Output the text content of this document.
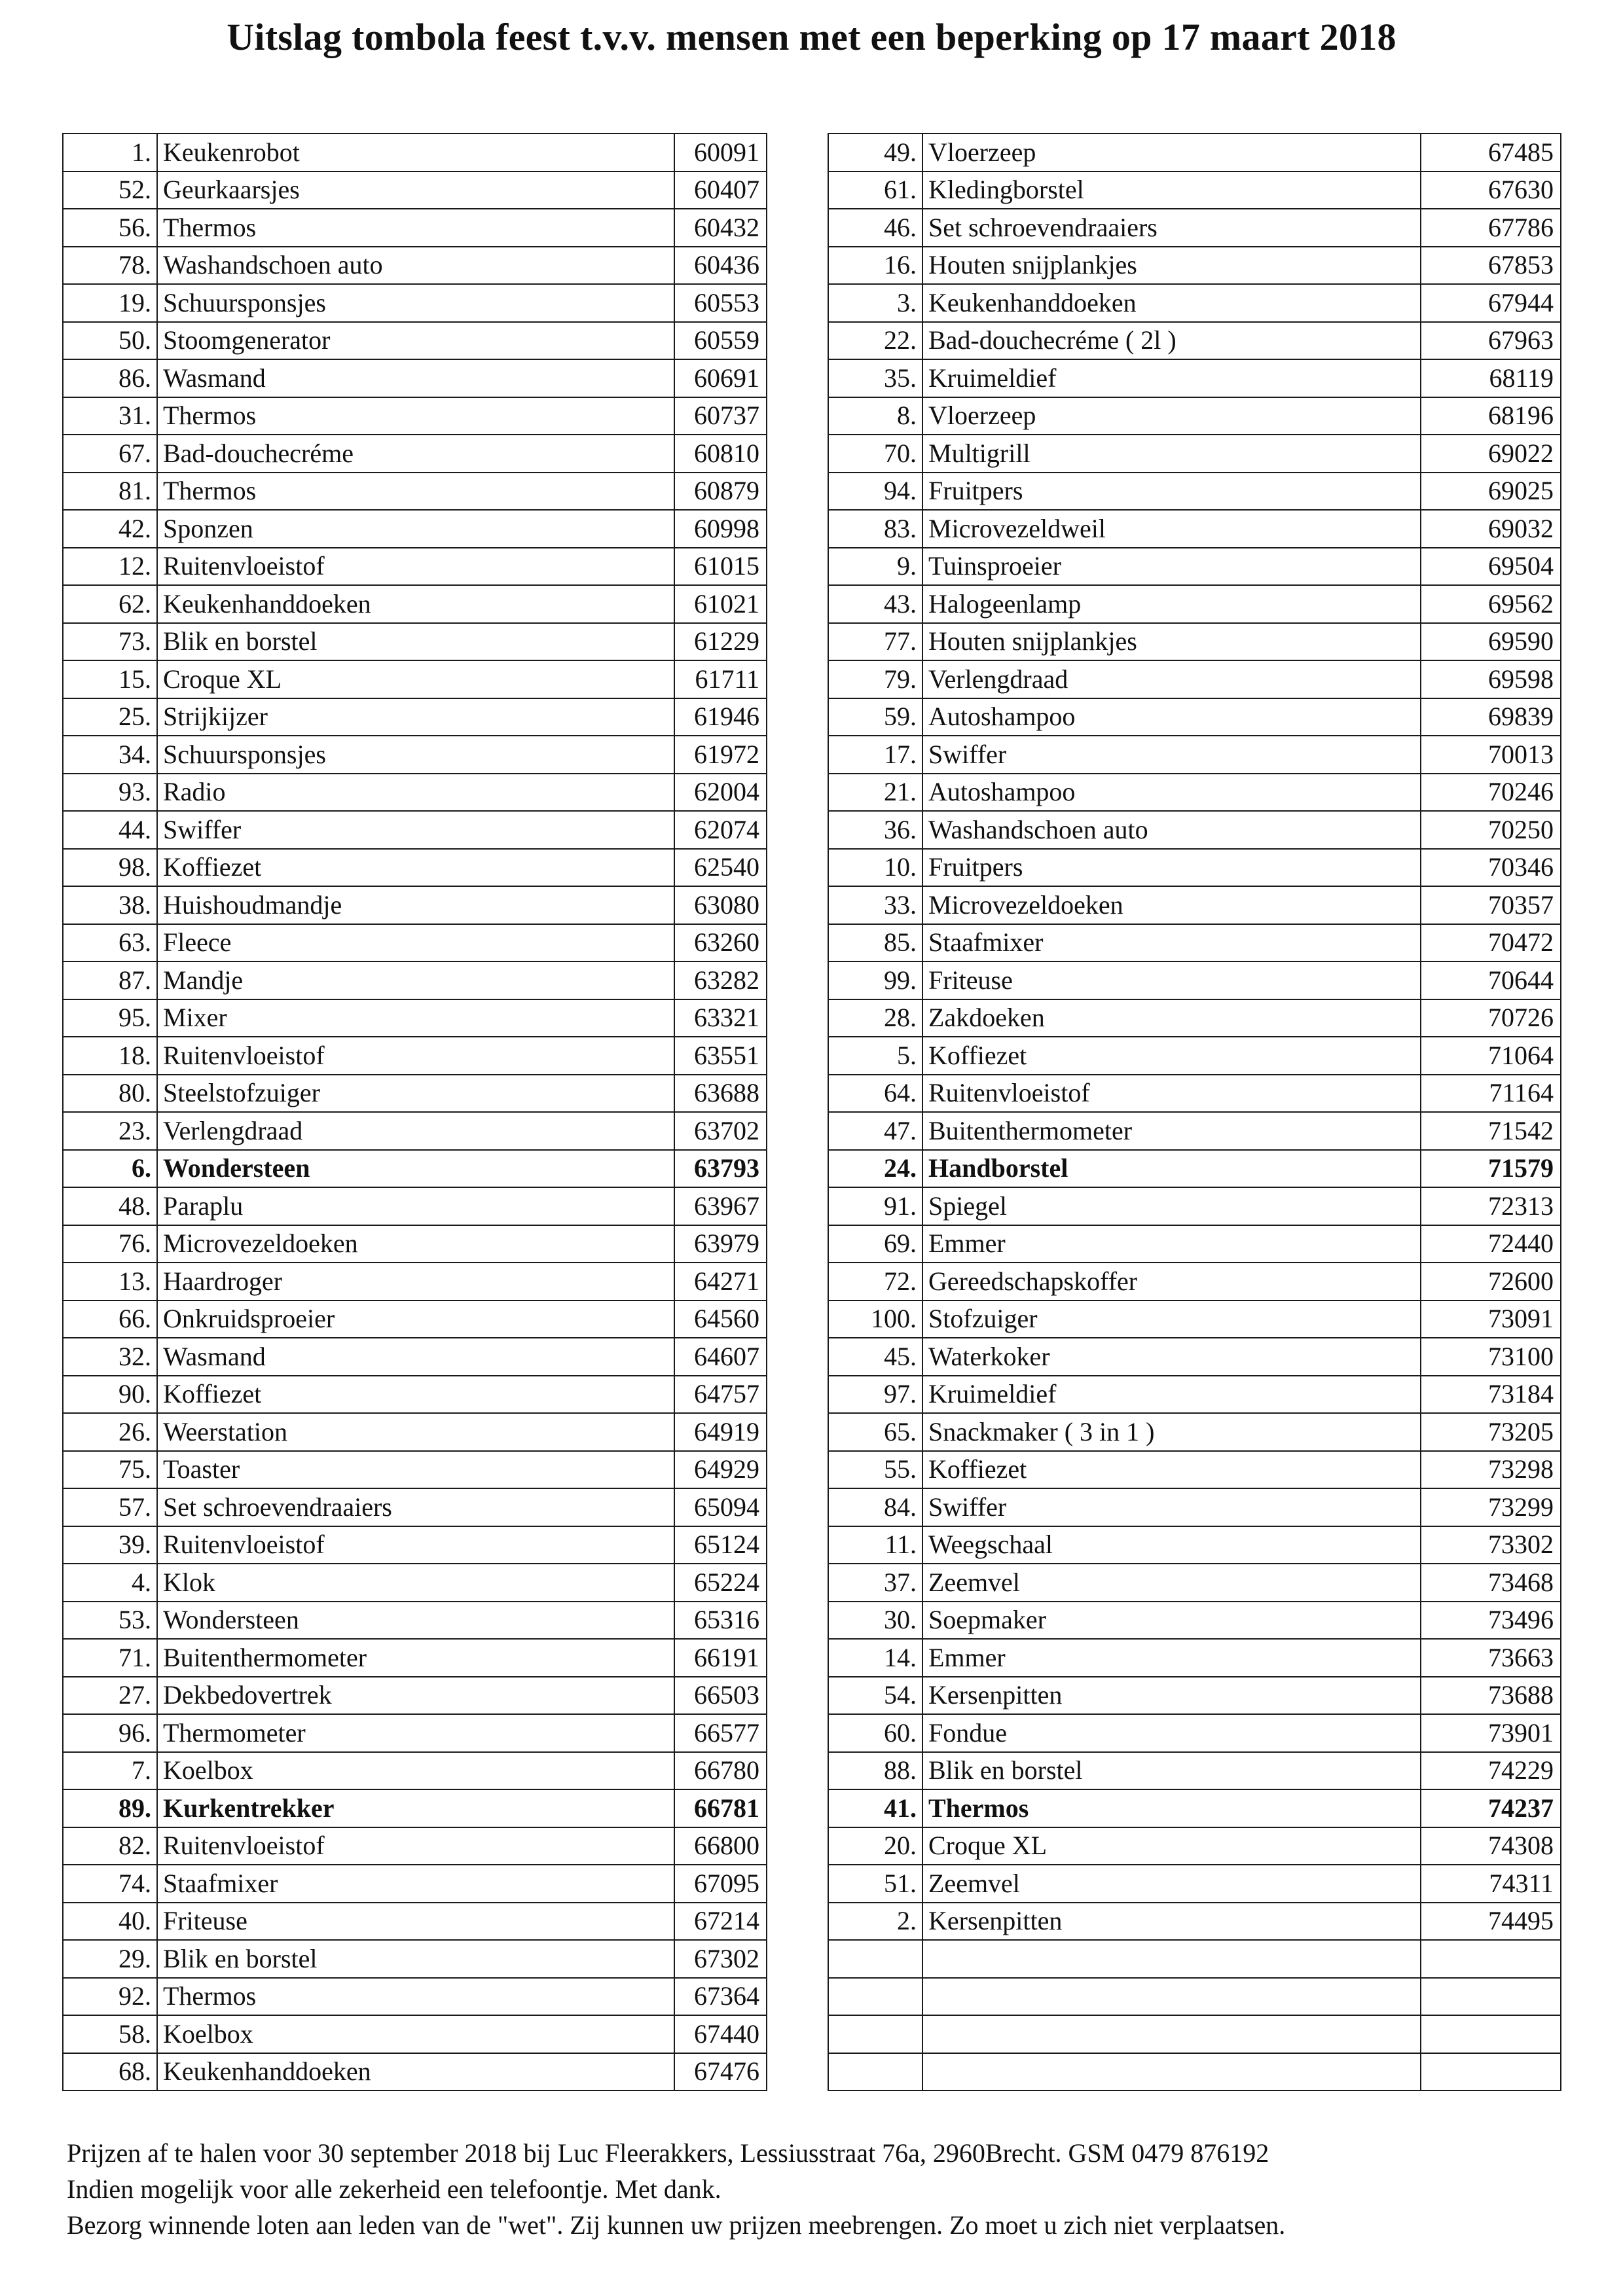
Uitslag tombola feest t.v.v. mensen met een beperking op 17 maart 2018
1.	Keukenrobot	60091		49.	Vloerzeep	67485
52.	Geurkaarsjes	60407		61.	Kledingborstel	67630
56.	Thermos	60432		46.	Set schroevendraaiers	67786
78.	Washandschoen auto	60436		16.	Houten snijplankjes	67853
19.	Schuursponsjes	60553		3.	Keukenhanddoeken	67944
50.	Stoomgenerator	60559		22.	Bad-douchecréme ( 2l )	67963
86.	Wasmand	60691		35.	Kruimeldief	68119
31.	Thermos	60737		8.	Vloerzeep	68196
67.	Bad-douchecréme	60810		70.	Multigrill	69022
81.	Thermos	60879		94.	Fruitpers	69025
42.	Sponzen	60998		83.	Microvezeldweil	69032
12.	Ruitenvloeistof	61015		9.	Tuinsproeier	69504
62.	Keukenhanddoeken	61021		43.	Halogeenlamp	69562
73.	Blik en borstel	61229		77.	Houten snijplankjes	69590
15.	Croque XL	61711		79.	Verlengdraad	69598
25.	Strijkijzer	61946		59.	Autoshampoo	69839
34.	Schuursponsjes	61972		17.	Swiffer	70013
93.	Radio	62004		21.	Autoshampoo	70246
44.	Swiffer	62074		36.	Washandschoen auto	70250
98.	Koffiezet	62540		10.	Fruitpers	70346
38.	Huishoudmandje	63080		33.	Microvezeldoeken	70357
63.	Fleece	63260		85.	Staafmixer	70472
87.	Mandje	63282		99.	Friteuse	70644
95.	Mixer	63321		28.	Zakdoeken	70726
18.	Ruitenvloeistof	63551		5.	Koffiezet	71064
80.	Steelstofzuiger	63688		64.	Ruitenvloeistof	71164
23.	Verlengdraad	63702		47.	Buitenthermometer	71542
6.	Wondersteen	63793		24.	Handborstel	71579
48.	Paraplu	63967		91.	Spiegel	72313
76.	Microvezeldoeken	63979		69.	Emmer	72440
13.	Haardroger	64271		72.	Gereedschapskoffer	72600
66.	Onkruidsproeier	64560		100.	Stofzuiger	73091
32.	Wasmand	64607		45.	Waterkoker	73100
90.	Koffiezet	64757		97.	Kruimeldief	73184
26.	Weerstation	64919		65.	Snackmaker ( 3 in 1 )	73205
75.	Toaster	64929		55.	Koffiezet	73298
57.	Set schroevendraaiers	65094		84.	Swiffer	73299
39.	Ruitenvloeistof	65124		11.	Weegschaal	73302
4.	Klok	65224		37.	Zeemvel	73468
53.	Wondersteen	65316		30.	Soepmaker	73496
71.	Buitenthermometer	66191		14.	Emmer	73663
27.	Dekbedovertrek	66503		54.	Kersenpitten	73688
96.	Thermometer	66577		60.	Fondue	73901
7.	Koelbox	66780		88.	Blik en borstel	74229
89.	Kurkentrekker	66781		41.	Thermos	74237
82.	Ruitenvloeistof	66800		20.	Croque XL	74308
74.	Staafmixer	67095		51.	Zeemvel	74311
40.	Friteuse	67214		2.	Kersenpitten	74495
29.	Blik en borstel	67302				
92.	Thermos	67364				
58.	Koelbox	67440				
68.	Keukenhanddoeken	67476				

Prijzen af te halen voor 30 september 2018 bij Luc Fleerakkers, Lessiusstraat 76a, 2960Brecht. GSM 0479 876192

Indien mogelijk voor alle zekerheid een telefoontje. Met dank.

Bezorg winnende loten aan leden van de "wet". Zij kunnen uw prijzen meebrengen. Zo moet u zich niet verplaatsen.
